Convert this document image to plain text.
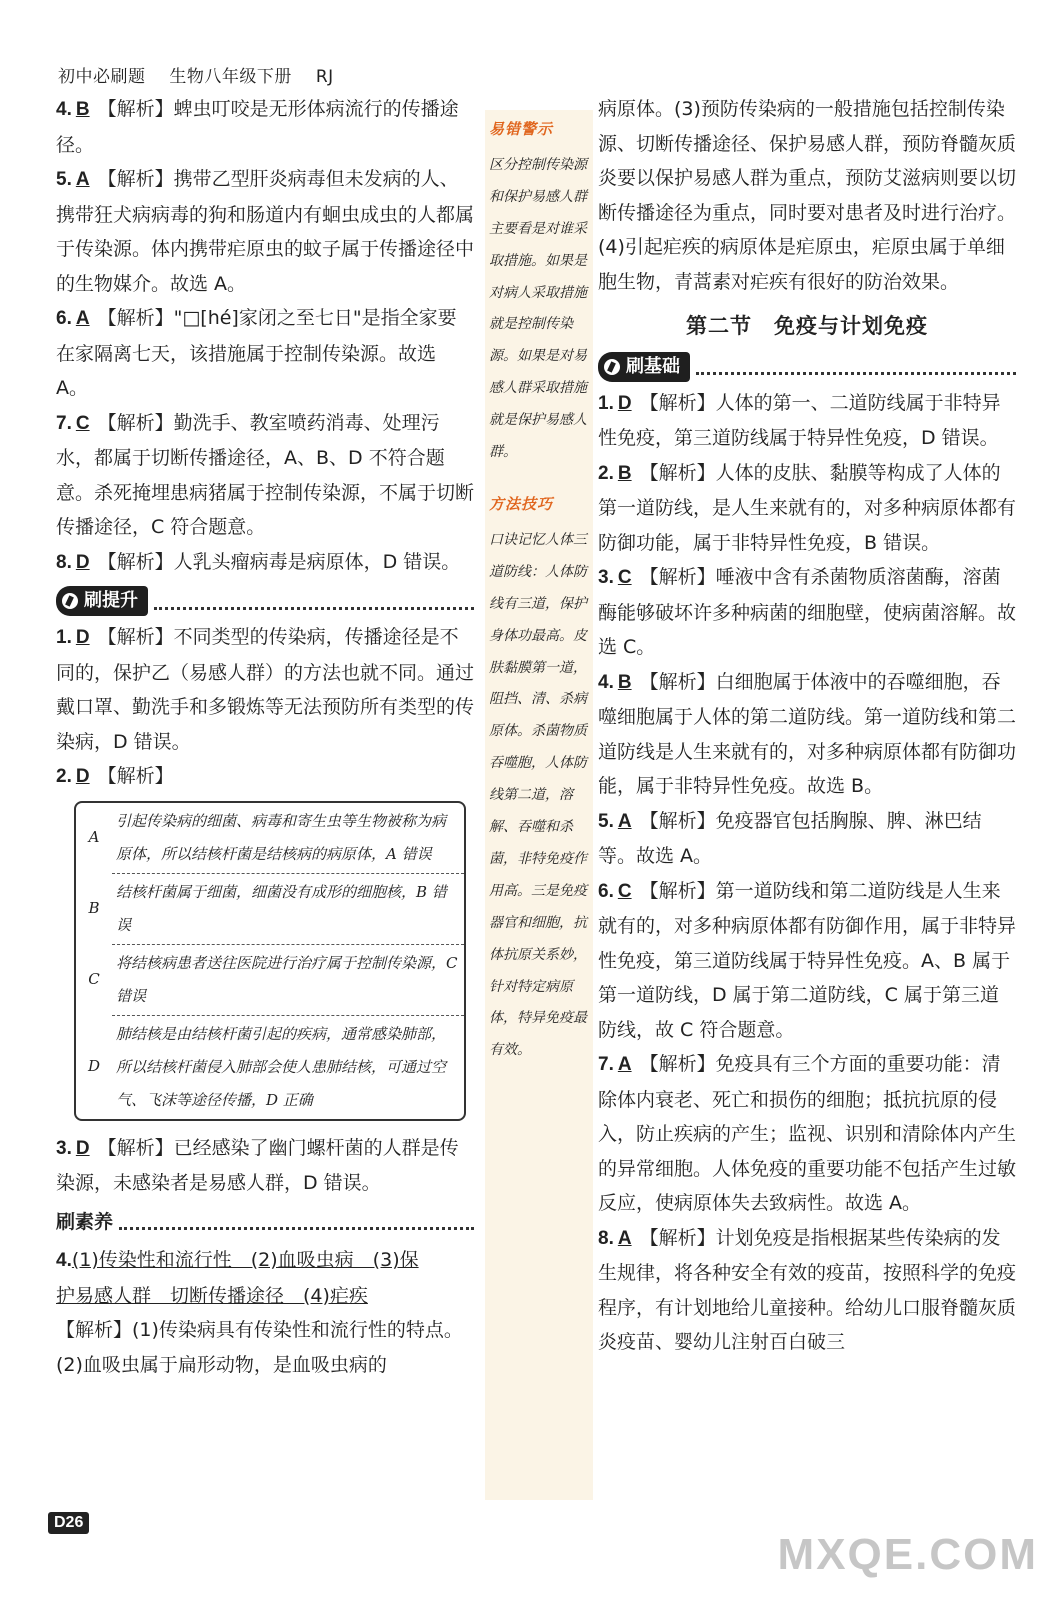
初中必刷题 生物八年级下册 RJ

4. B 【解析】蜱虫叮咬是无形体病流行的传播途径。

5. A 【解析】携带乙型肝炎病毒但未发病的人、携带狂犬病病毒的狗和肠道内有蛔虫成虫的人都属于传染源。体内携带疟原虫的蚊子属于传播途径中的生物媒介。故选 A。

6. A 【解析】"□[hé]家闭之至七日"是指全家要在家隔离七天，该措施属于控制传染源。故选 A。

7. C 【解析】勤洗手、教室喷药消毒、处理污水，都属于切断传播途径，A、B、D 不符合题意。杀死掩埋患病猪属于控制传染源，不属于切断传播途径，C 符合题意。

8. D 【解析】人乳头瘤病毒是病原体，D 错误。

刷提升

1. D 【解析】不同类型的传染病，传播途径是不同的，保护乙（易感人群）的方法也就不同。通过戴口罩、勤洗手和多锻炼等无法预防所有类型的传染病，D 错误。

2. D 【解析】

A	引起传染病的细菌、病毒和寄生虫等生物被称为病原体，所以结核杆菌是结核病的病原体，A 错误
B	结核杆菌属于细菌，细菌没有成形的细胞核，B 错误
C	将结核病患者送往医院进行治疗属于控制传染源，C 错误
D	肺结核是由结核杆菌引起的疾病，通常感染肺部，所以结核杆菌侵入肺部会使人患肺结核，可通过空气、飞沫等途径传播，D 正确

3. D 【解析】已经感染了幽门螺杆菌的人群是传染源，未感染者是易感人群，D 错误。

刷素养

4.(1)传染性和流行性　(2)血吸虫病　(3)保
护易感人群　切断传播途径　(4)疟疾
【解析】(1)传染病具有传染性和流行性的特点。(2)血吸虫属于扁形动物，是血吸虫病的

易错警示
区分控制传染源和保护易感人群主要看是对谁采取措施。如果是对病人采取措施就是控制传染源。如果是对易感人群采取措施就是保护易感人群。
方法技巧
口诀记忆人体三道防线：人体防线有三道，保护身体功最高。皮肤黏膜第一道，阻挡、清、杀病原体。杀菌物质吞噬胞，人体防线第二道，溶解、吞噬和杀菌，非特免疫作用高。三是免疫器官和细胞，抗体抗原关系妙，针对特定病原体，特异免疫最有效。

病原体。(3)预防传染病的一般措施包括控制传染源、切断传播途径、保护易感人群，预防脊髓灰质炎要以保护易感人群为重点，预防艾滋病则要以切断传播途径为重点，同时要对患者及时进行治疗。(4)引起疟疾的病原体是疟原虫，疟原虫属于单细胞生物，青蒿素对疟疾有很好的防治效果。

第二节　免疫与计划免疫
刷基础

1. D 【解析】人体的第一、二道防线属于非特异性免疫，第三道防线属于特异性免疫，D 错误。

2. B 【解析】人体的皮肤、黏膜等构成了人体的第一道防线，是人生来就有的，对多种病原体都有防御功能，属于非特异性免疫，B 错误。

3. C 【解析】唾液中含有杀菌物质溶菌酶，溶菌酶能够破坏许多种病菌的细胞壁，使病菌溶解。故选 C。

4. B 【解析】白细胞属于体液中的吞噬细胞，吞噬细胞属于人体的第二道防线。第一道防线和第二道防线是人生来就有的，对多种病原体都有防御功能，属于非特异性免疫。故选 B。

5. A 【解析】免疫器官包括胸腺、脾、淋巴结等。故选 A。

6. C 【解析】第一道防线和第二道防线是人生来就有的，对多种病原体都有防御作用，属于非特异性免疫，第三道防线属于特异性免疫。A、B 属于第一道防线，D 属于第二道防线，C 属于第三道防线，故 C 符合题意。

7. A 【解析】免疫具有三个方面的重要功能：清除体内衰老、死亡和损伤的细胞；抵抗抗原的侵入，防止疾病的产生；监视、识别和清除体内产生的异常细胞。人体免疫的重要功能不包括产生过敏反应，使病原体失去致病性。故选 A。

8. A 【解析】计划免疫是指根据某些传染病的发生规律，将各种安全有效的疫苗，按照科学的免疫程序，有计划地给儿童接种。给幼儿口服脊髓灰质炎疫苗、婴幼儿注射百白破三

D26
MXQE.COM
